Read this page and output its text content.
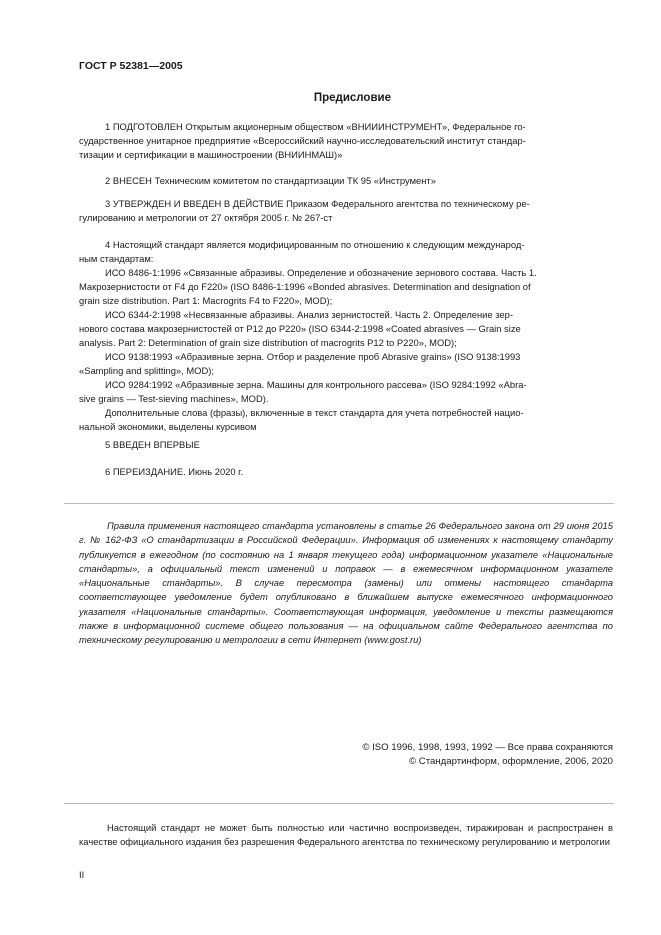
ГОСТ Р 52381—2005
Предисловие
1 ПОДГОТОВЛЕН Открытым акционерным обществом «ВНИИИНСТРУМЕНТ», Федеральное го-
сударственное унитарное предприятие «Всероссийский научно-исследовательский институт стандар-
тизации и сертификации в машиностроении (ВНИИНМАШ)»
2 ВНЕСЕН Техническим комитетом по стандартизации ТК 95 «Инструмент»
3 УТВЕРЖДЕН И ВВЕДЕН В ДЕЙСТВИЕ Приказом Федерального агентства по техническому ре-
гулированию и метрологии от 27 октября 2005 г. № 267-ст
4 Настоящий стандарт является модифицированным по отношению к следующим международ-
ным стандартам:
ИСО 8486-1:1996 «Связанные абразивы. Определение и обозначение зернового состава. Часть 1.
Макрозернистости от F4 до F220» (ISO 8486-1:1996 «Bonded abrasives. Determination and designation of
grain size distribution. Part 1: Macrogrits F4 to F220», MOD);
ИСО 6344-2:1998 «Несвязанные абразивы. Анализ зернистостей. Часть 2. Определение зер-
нового состава макрозернистостей от P12 до P220» (ISO 6344-2:1998 «Coated abrasives — Grain size
analysis. Part 2: Determination of grain size distribution of macrogrits P12 to P220», MOD);
ИСО 9138:1993 «Абразивные зерна. Отбор и разделение проб Abrasive grains» (ISO 9138:1993
«Sampling and splitting», MOD);
ИСО 9284:1992 «Абразивные зерна. Машины для контрольного рассева» (ISO 9284:1992 «Abra-
sive grains — Test-sieving machines», MOD).
Дополнительные слова (фразы), включенные в текст стандарта для учета потребностей нацио-
нальной экономики, выделены курсивом
5 ВВЕДЕН ВПЕРВЫЕ
6 ПЕРЕИЗДАНИЕ. Июнь 2020 г.

Правила применения настоящего стандарта установлены в статье 26 Федерального закона от 29 июня 2015 г. № 162-ФЗ «О стандартизации в Российской Федерации». Информация об изменениях к настоящему стандарту публикуется в ежегодном (по состоянию на 1 января текущего года) информационном указателе «Национальные стандарты», а официальный текст изменений и поправок — в ежемесячном информационном указателе «Национальные стандарты». В случае пересмотра (замены) или отмены настоящего стандарта соответствующее уведомление будет опубликовано в ближайшем выпуске ежемесячного информационного указателя «Национальные стандарты». Соответствующая информация, уведомление и тексты размещаются также в информационной системе общего пользования — на официальном сайте Федерального агентства по техническому регулированию и метрологии в сети Интернет (www.gost.ru)

© ISO 1996, 1998, 1993, 1992 — Все права сохраняются
© Стандартинформ, оформление, 2006, 2020

Настоящий стандарт не может быть полностью или частично воспроизведен, тиражирован и распространен в качестве официального издания без разрешения Федерального агентства по техническому регулированию и метрологии

II
